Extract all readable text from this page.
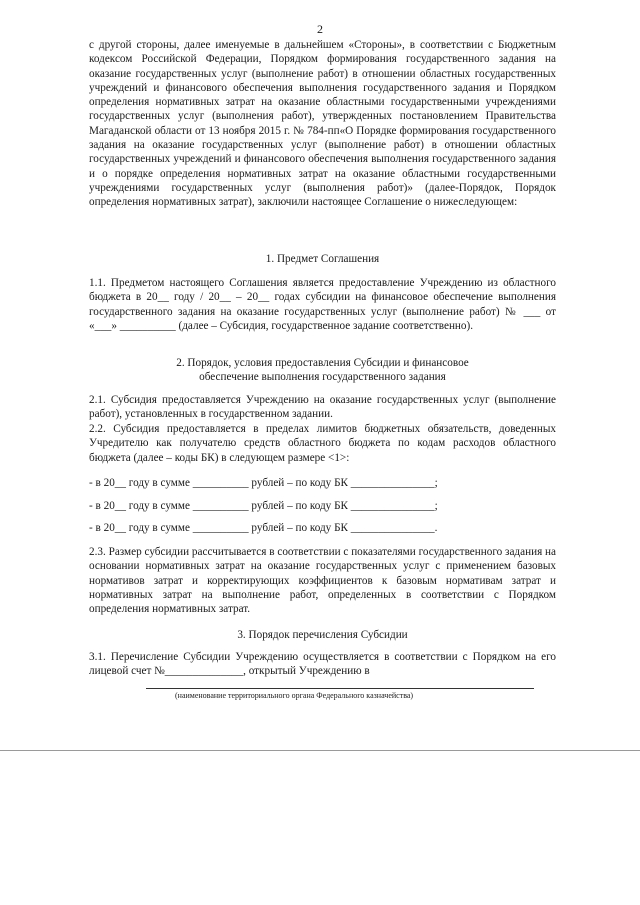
2

с другой стороны, далее именуемые в дальнейшем «Стороны», в соответствии с Бюджетным кодексом Российской Федерации, Порядком формирования государственного задания на оказание государственных услуг (выполнение работ) в отношении областных государственных учреждений и финансового обеспечения выполнения государственного задания и Порядком определения нормативных затрат на оказание областными государственными учреждениями государственных услуг (выполнения работ), утвержденных постановлением Правительства Магаданской области от 13 ноября 2015 г. № 784-пп«О Порядке формирования государственного задания на оказание государственных услуг (выполнение работ) в отношении областных государственных учреждений и финансового обеспечения выполнения государственного задания и о порядке определения нормативных затрат на оказание областными государственными учреждениями государственных услуг (выполнения работ)» (далее-Порядок, Порядок определения нормативных затрат), заключили настоящее Соглашение о нижеследующем:

1. Предмет Соглашения

1.1. Предметом настоящего Соглашения является предоставление Учреждению из областного бюджета в 20__ году / 20__ – 20__ годах субсидии на финансовое обеспечение выполнения государственного задания на оказание государственных услуг (выполнение работ) № ___ от «___» __________ (далее – Субсидия, государственное задание соответственно).

2. Порядок, условия предоставления Субсидии и финансовое

обеспечение выполнения государственного задания

2.1. Субсидия предоставляется Учреждению на оказание государственных услуг (выполнение работ), установленных в государственном задании.

2.2. Субсидия предоставляется в пределах лимитов бюджетных обязательств, доведенных Учредителю как получателю средств областного бюджета по кодам расходов областного бюджета (далее – коды БК) в следующем размере <1>:

- в 20__ году в сумме __________ рублей – по коду БК _______________;
- в 20__ году в сумме __________ рублей – по коду БК _______________;
- в 20__ году в сумме __________ рублей – по коду БК _______________.

2.3. Размер субсидии рассчитывается в соответствии с показателями государственного задания на основании нормативных затрат на оказание государственных услуг с применением базовых нормативов затрат и корректирующих коэффициентов к базовым нормативам затрат и нормативных затрат на выполнение работ, определенных в соответствии с Порядком определения нормативных затрат.

3. Порядок перечисления Субсидии

3.1. Перечисление Субсидии Учреждению осуществляется в соответствии с Порядком на его лицевой счет №______________, открытый Учреждению в

(наименование территориального органа Федерального казначейства)
